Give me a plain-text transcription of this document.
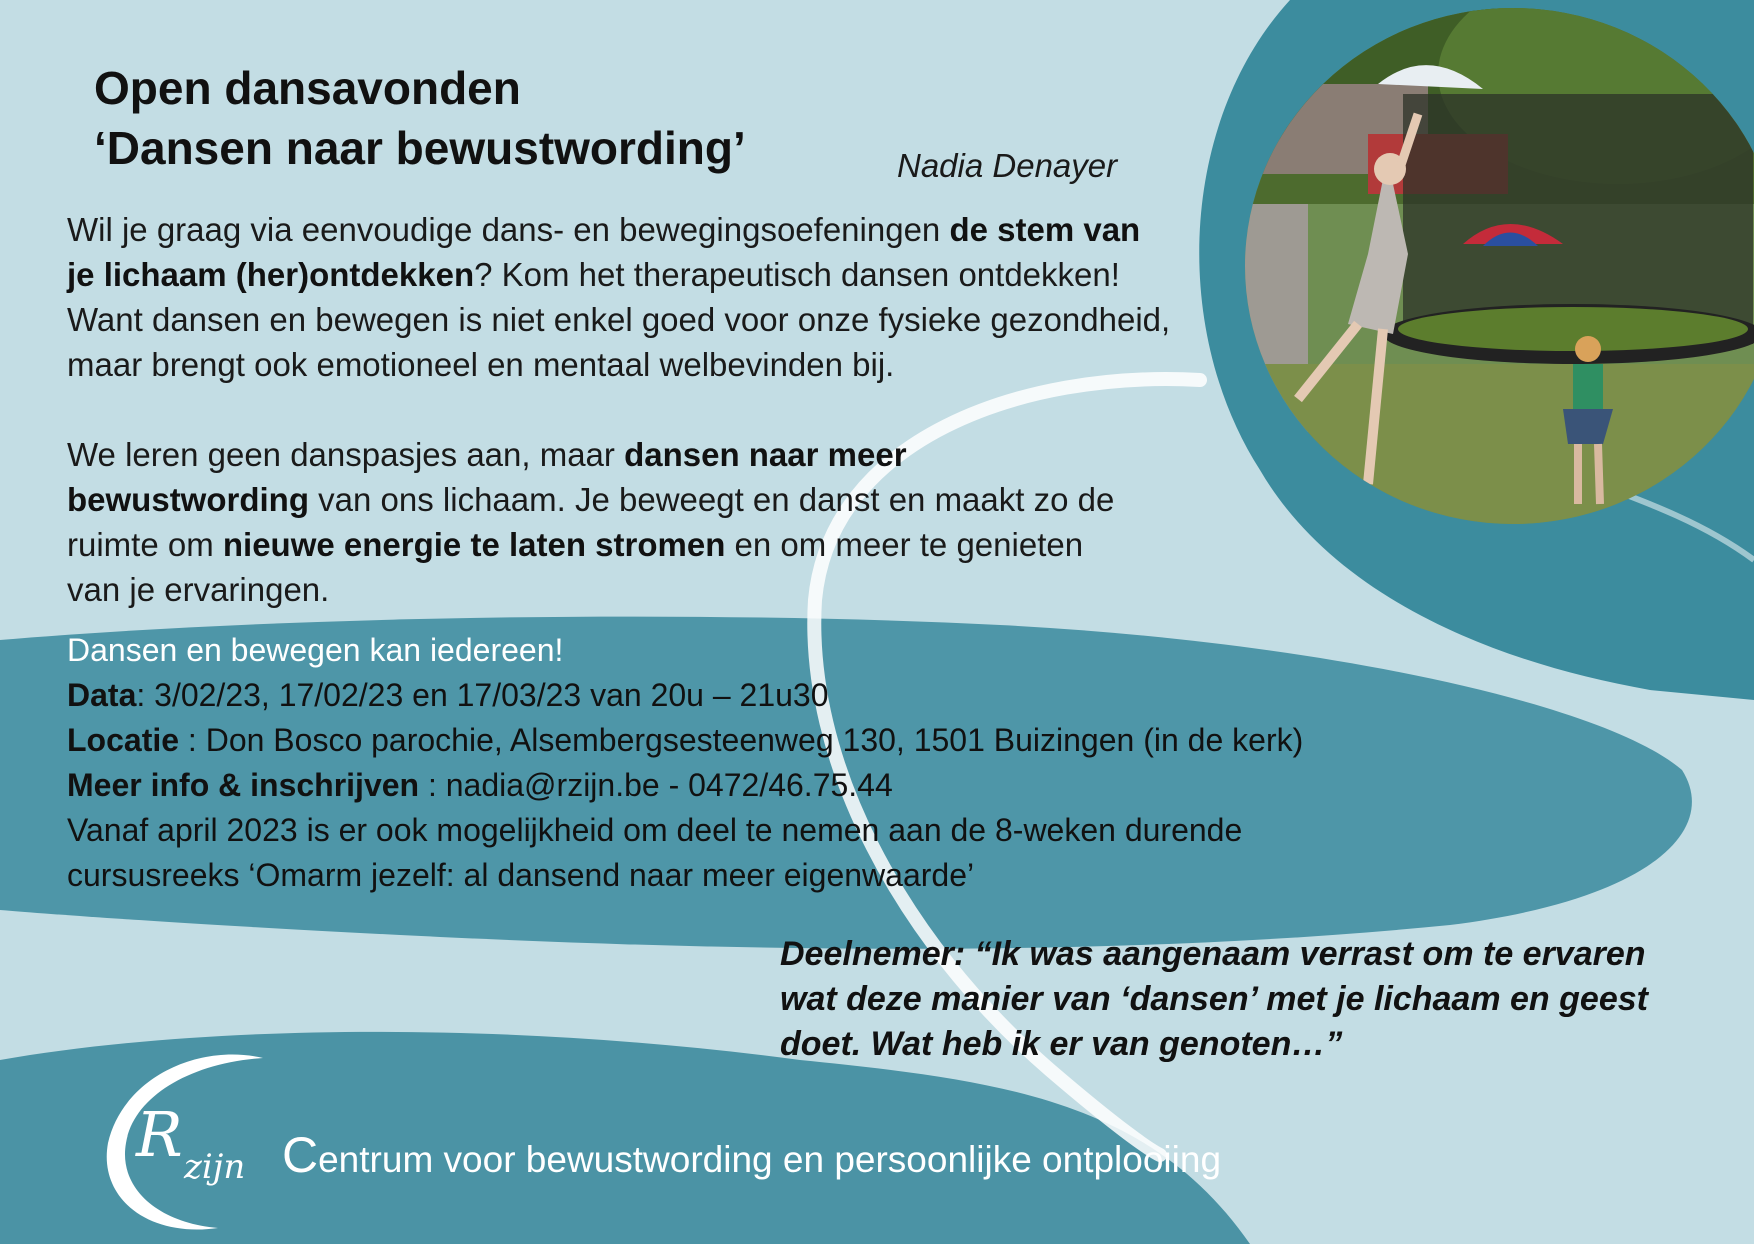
Open dansavonden
‘Dansen naar bewustwording’	Nadia Denayer

Wil je graag via eenvoudige dans- en bewegingsoefeningen de stem van
je lichaam (her)ontdekken? Kom het therapeutisch dansen ontdekken!
Want dansen en bewegen is niet enkel goed voor onze fysieke gezondheid,
maar brengt ook emotioneel en mentaal welbevinden bij.

We leren geen danspasjes aan, maar dansen naar meer
bewustwording van ons lichaam. Je beweegt en danst en maakt zo de
ruimte om nieuwe energie te laten stromen en om meer te genieten
van je ervaringen.

Dansen en bewegen kan iedereen!
Data: 3/02/23, 17/02/23 en 17/03/23 van 20u – 21u30
Locatie : Don Bosco parochie, Alsembergsesteenweg 130, 1501 Buizingen (in de kerk)
Meer info & inschrijven : nadia@rzijn.be - 0472/46.75.44
Vanaf april 2023 is er ook mogelijkheid om deel te nemen aan de 8-weken durende
cursusreeks ‘Omarm jezelf: al dansend naar meer eigenwaarde’

Deelnemer: “Ik was aangenaam verrast om te ervaren
wat deze manier van ‘dansen’ met je lichaam en geest
doet. Wat heb ik er van genoten…”

R zijn Centrum voor bewustwording en persoonlijke ontplooiing
